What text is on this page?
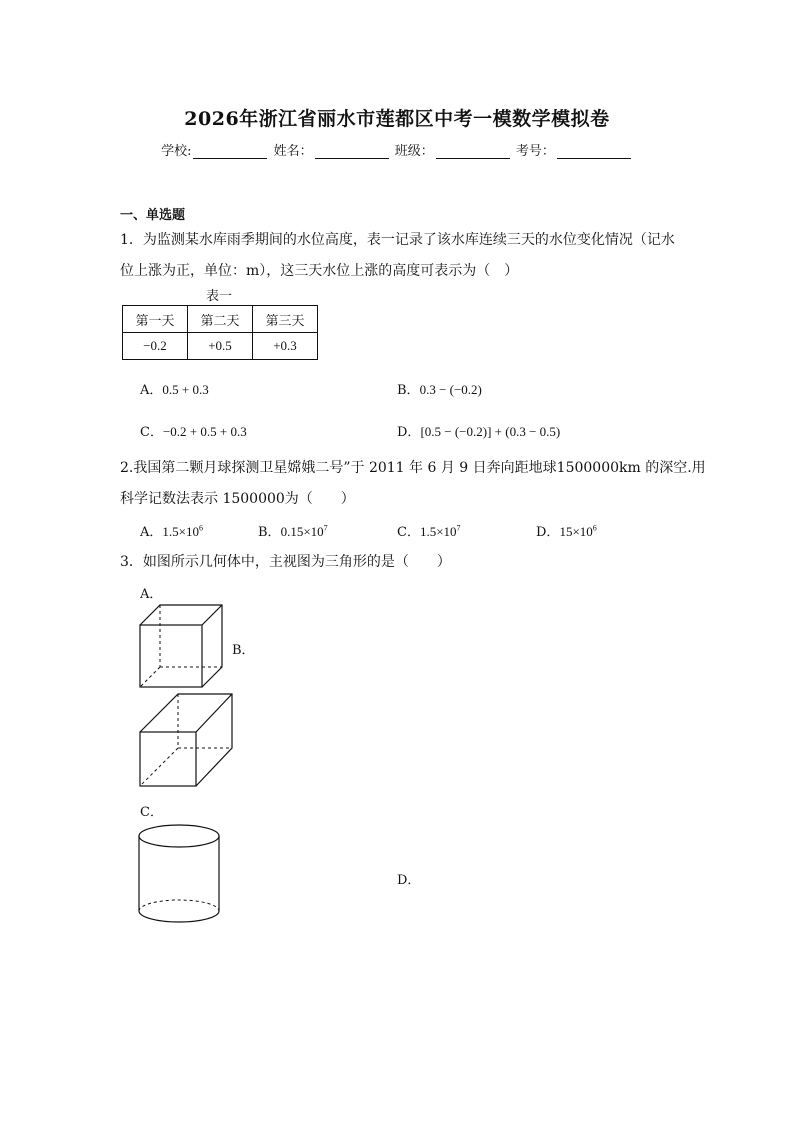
2026年浙江省丽水市莲都区中考一模数学模拟卷
学校:	姓名：	班级：	考号：
一、单选题
1．为监测某水库雨季期间的水位高度，表一记录了该水库连续三天的水位变化情况（记水
位上涨为正，单位：m），这三天水位上涨的高度可表示为（　）
表一
第一天	第二天	第三天
−0.2	+0.5	+0.3
A．0.5 + 0.3	B．0.3 − (−0.2)
C．−0.2 + 0.5 + 0.3	D．[0.5 − (−0.2)] + (0.3 − 0.5)
2.我国第二颗月球探测卫星嫦娥二号”于 2011 年 6 月 9 日奔向距地球1500000km 的深空.用
科学记数法表示 1500000为（　　）
A．$1.5\times 10^6$	B．$0.15\times 10^7$	C．$1.5\times 10^7$	D．$15\times 10^6$
3．如图所示几何体中，主视图为三角形的是（　　）
A．
B．
C．
D．
